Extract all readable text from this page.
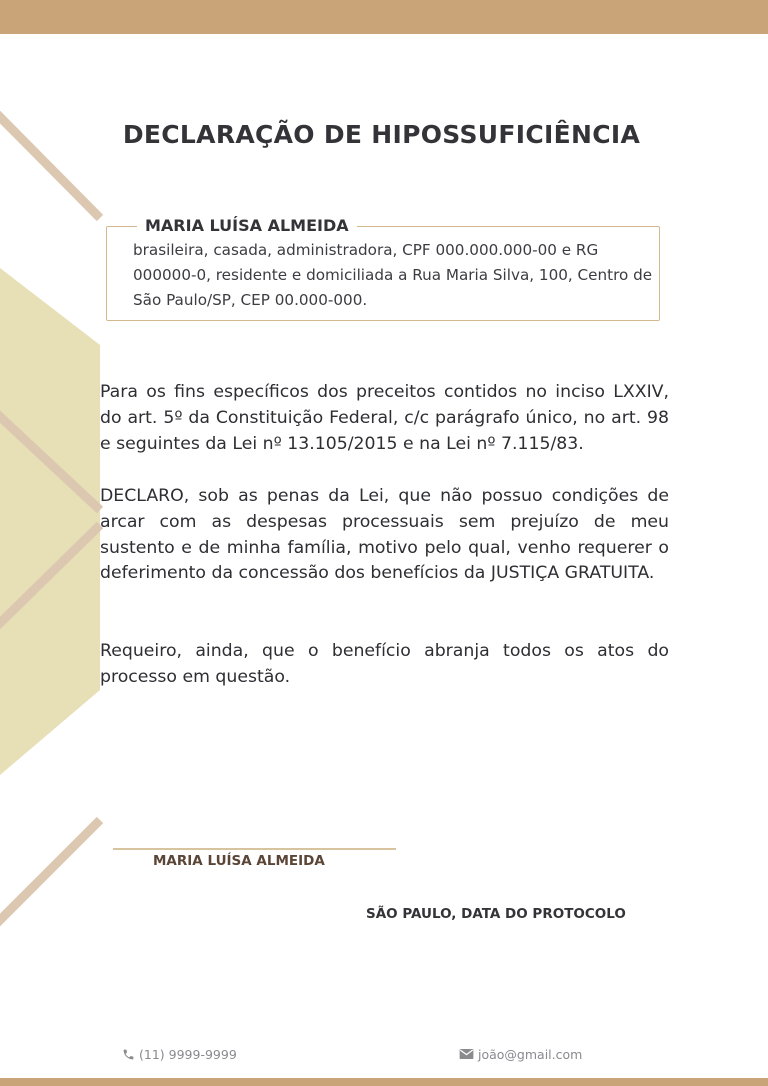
DECLARAÇÃO DE HIPOSSUFICIÊNCIA
MARIA LUÍSA ALMEIDA
brasileira, casada, administradora, CPF 000.000.000-00 e RG 000000-0, residente e domiciliada a Rua Maria Silva, 100, Centro de São Paulo/SP, CEP 00.000-000.

Para os fins específicos dos preceitos contidos no inciso LXXIV, do art. 5º da Constituição Federal, c/c parágrafo único, no art. 98 e seguintes da Lei nº 13.105/2015 e na Lei nº 7.115/83.

DECLARO, sob as penas da Lei, que não possuo condições de arcar com as despesas processuais sem prejuízo de meu sustento e de minha família, motivo pelo qual, venho requerer o deferimento da concessão dos benefícios da JUSTIÇA GRATUITA.

Requeiro, ainda, que o benefício abranja todos os atos do processo em questão.

MARIA LUÍSA ALMEIDA
SÃO PAULO, DATA DO PROTOCOLO
(11) 9999-9999	joão@gmail.com
